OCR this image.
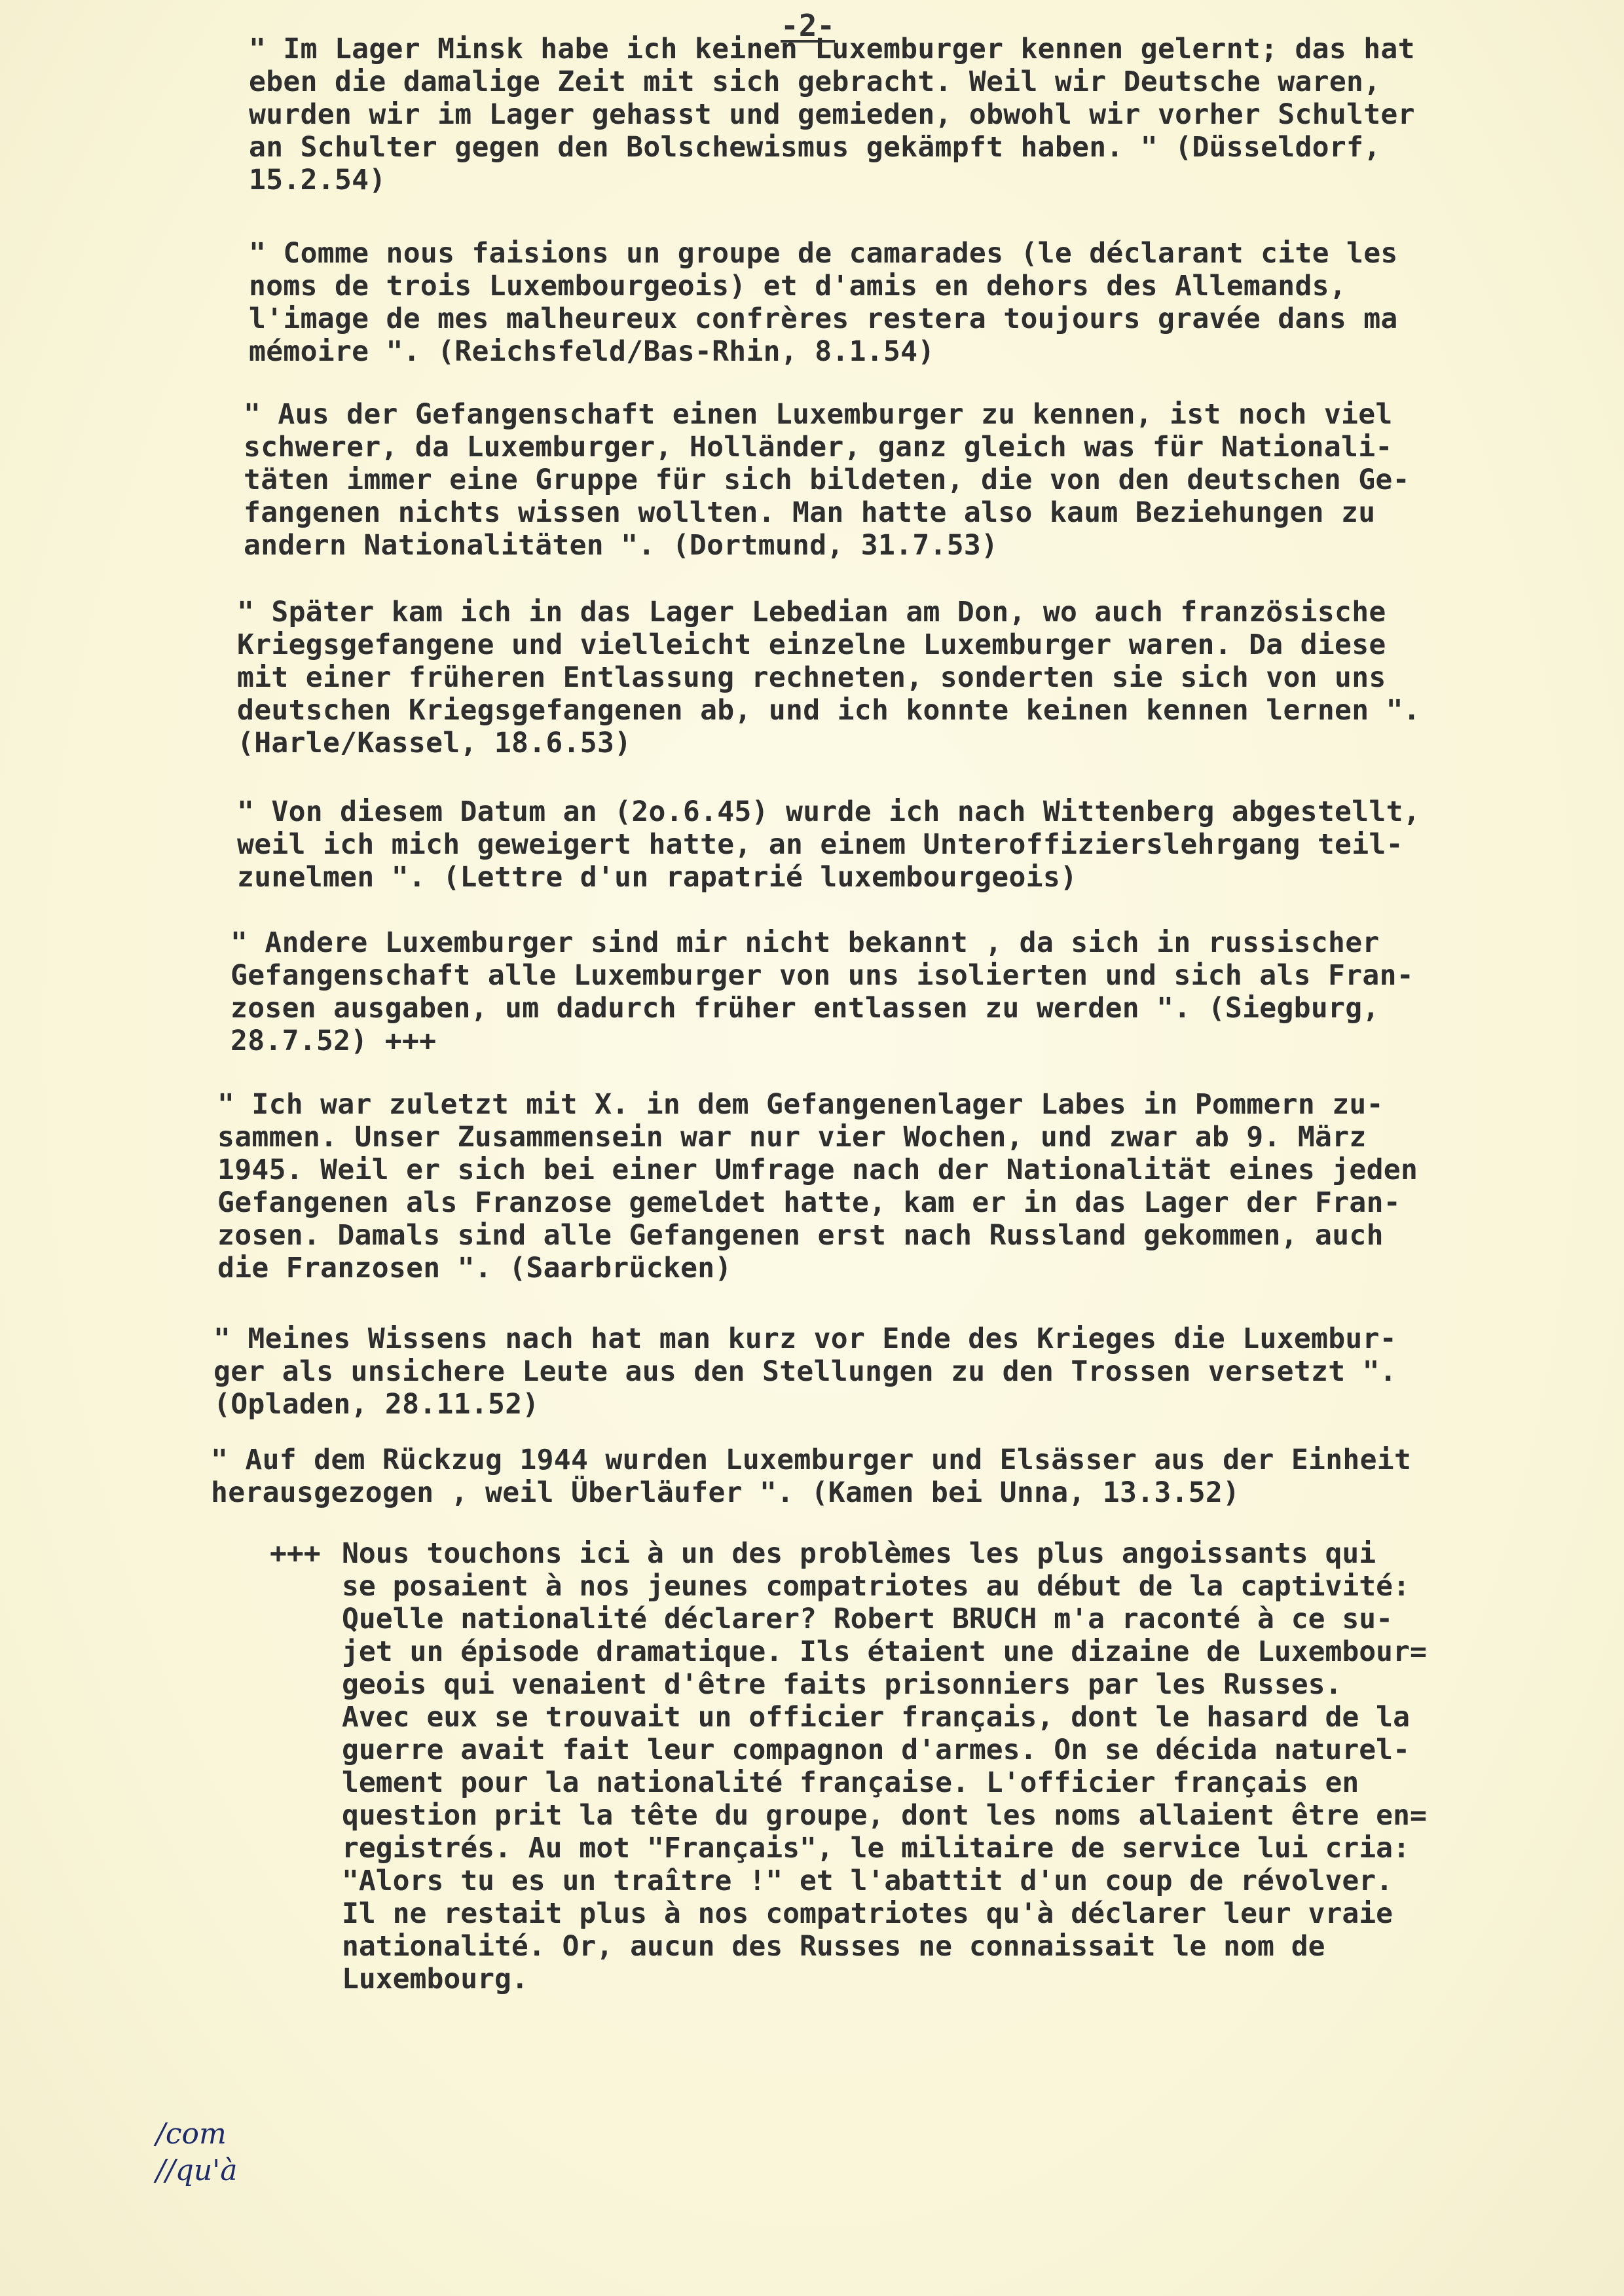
-2-
" Im Lager Minsk habe ich keinen Luxemburger kennen gelernt; das hat
eben die damalige Zeit mit sich gebracht. Weil wir Deutsche waren,
wurden wir im Lager gehasst und gemieden, obwohl wir vorher Schulter
an Schulter gegen den Bolschewismus gekämpft haben. " (Düsseldorf,
15.2.54)
" Comme nous faisions un groupe de camarades (le déclarant cite les
noms de trois Luxembourgeois) et d'amis en dehors des Allemands,
l'image de mes malheureux confrères restera toujours gravée dans ma
mémoire ". (Reichsfeld/Bas-Rhin, 8.1.54)
" Aus der Gefangenschaft einen Luxemburger zu kennen, ist noch viel
schwerer, da Luxemburger, Holländer, ganz gleich was für Nationali-
täten immer eine Gruppe für sich bildeten, die von den deutschen Ge-
fangenen nichts wissen wollten. Man hatte also kaum Beziehungen zu
andern Nationalitäten ". (Dortmund, 31.7.53)
" Später kam ich in das Lager Lebedian am Don, wo auch französische
Kriegsgefangene und vielleicht einzelne Luxemburger waren. Da diese
mit einer früheren Entlassung rechneten, sonderten sie sich von uns
deutschen Kriegsgefangenen ab, und ich konnte keinen kennen lernen ".
(Harle/Kassel, 18.6.53)
" Von diesem Datum an (2o.6.45) wurde ich nach Wittenberg abgestellt,
weil ich mich geweigert hatte, an einem Unteroffizierslehrgang teil-
zunelmen ". (Lettre d'un rapatrié luxembourgeois)
" Andere Luxemburger sind mir nicht bekannt , da sich in russischer
Gefangenschaft alle Luxemburger von uns isolierten und sich als Fran-
zosen ausgaben, um dadurch früher entlassen zu werden ". (Siegburg,
28.7.52) +++
" Ich war zuletzt mit X. in dem Gefangenenlager Labes in Pommern zu-
sammen. Unser Zusammensein war nur vier Wochen, und zwar ab 9. März
1945. Weil er sich bei einer Umfrage nach der Nationalität eines jeden
Gefangenen als Franzose gemeldet hatte, kam er in das Lager der Fran-
zosen. Damals sind alle Gefangenen erst nach Russland gekommen, auch
die Franzosen ". (Saarbrücken)
" Meines Wissens nach hat man kurz vor Ende des Krieges die Luxembur-
ger als unsichere Leute aus den Stellungen zu den Trossen versetzt ".
(Opladen, 28.11.52)
" Auf dem Rückzug 1944 wurden Luxemburger und Elsässer aus der Einheit
herausgezogen , weil Überläufer ". (Kamen bei Unna, 13.3.52)
+++ Nous touchons ici à un des problèmes les plus angoissants qui
se posaient à nos jeunes compatriotes au début de la captivité:
Quelle nationalité déclarer? Robert BRUCH m'a raconté à ce su-
jet un épisode dramatique. Ils étaient une dizaine de Luxembour=
geois qui venaient d'être faits prisonniers par les Russes.
Avec eux se trouvait un officier français, dont le hasard de la
guerre avait fait leur compagnon d'armes. On se décida naturel-
lement pour la nationalité française. L'officier français en
question prit la tête du groupe, dont les noms allaient être en=
registrés. Au mot "Français", le militaire de service lui cria:
"Alors tu es un traître !" et l'abattit d'un coup de révolver.
Il ne restait plus à nos compatriotes qu'à déclarer leur vraie
nationalité. Or, aucun des Russes ne connaissait le nom de
Luxembourg.
/com
//qu'à
